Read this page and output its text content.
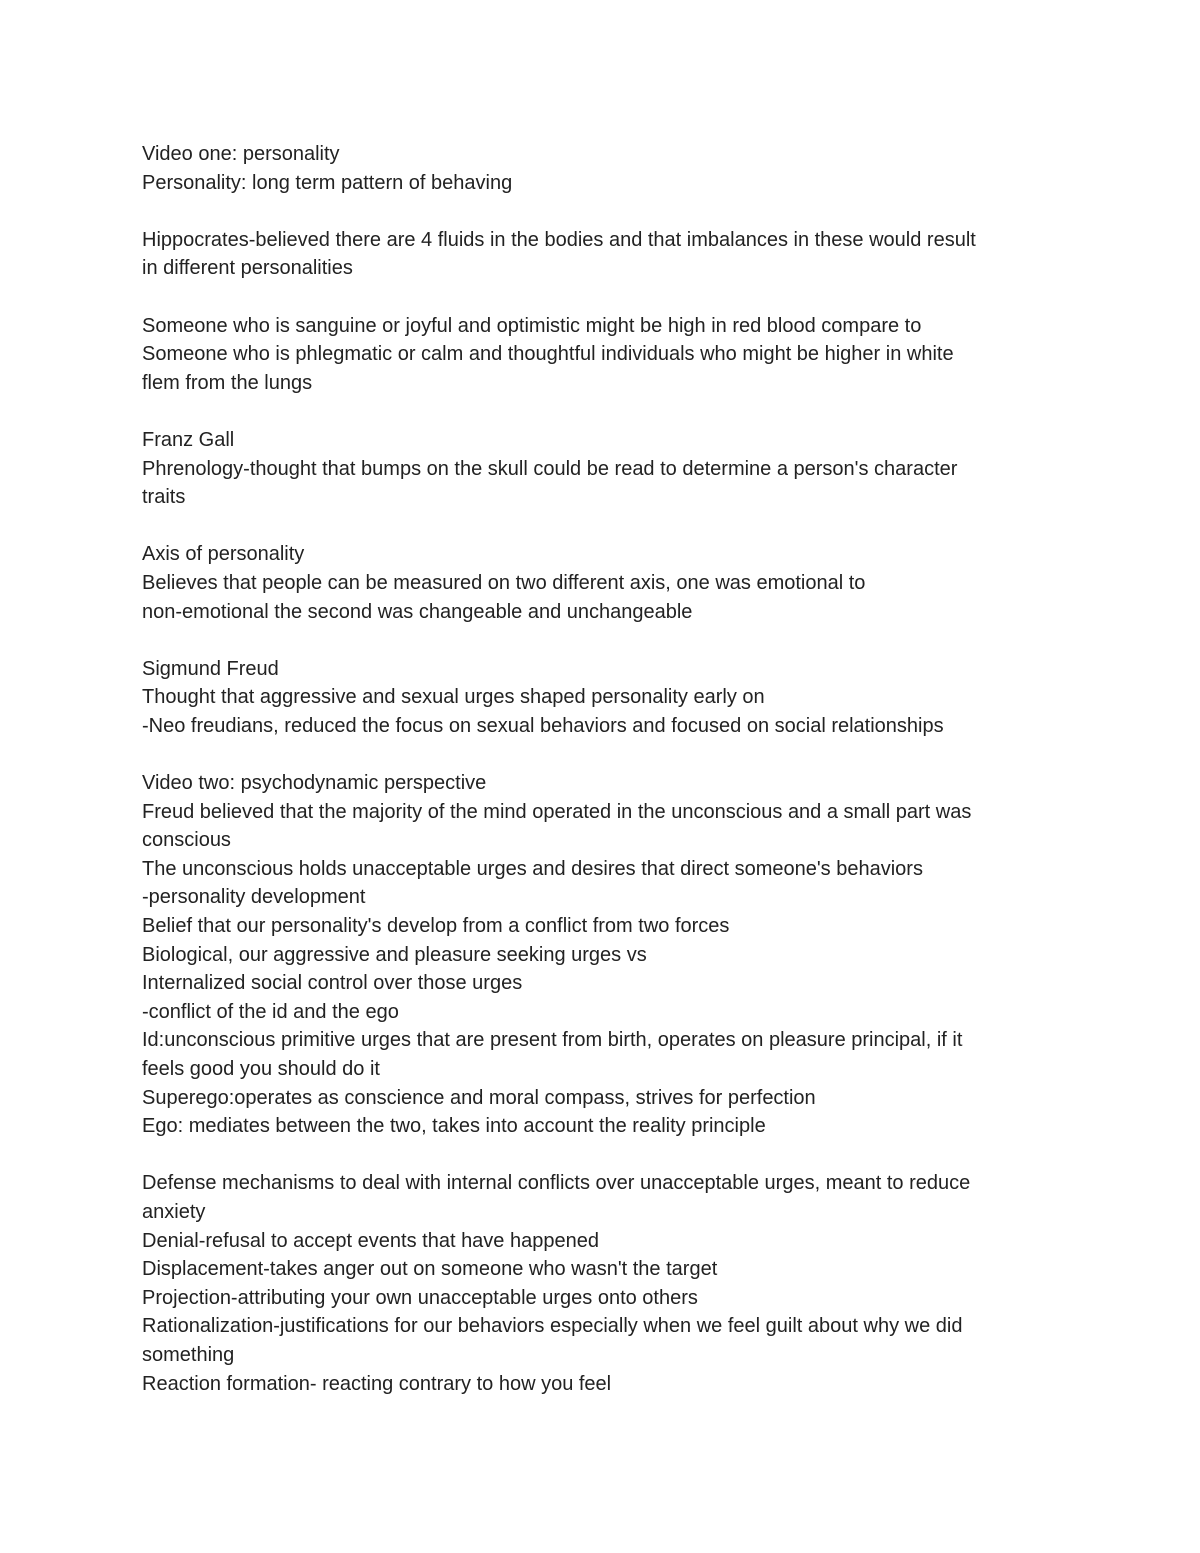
Video one: personality

Personality: long term pattern of behaving

Hippocrates-believed there are 4 fluids in the bodies and that imbalances in these would result

in different personalities

Someone who is sanguine or joyful and optimistic might be high in red blood compare to

Someone who is phlegmatic or calm and thoughtful individuals who might be higher in white

flem from the lungs

Franz Gall

Phrenology-thought that bumps on the skull could be read to determine a person's character

traits

Axis of personality

Believes that people can be measured on two different axis, one was emotional to

non-emotional the second was changeable and unchangeable

Sigmund Freud

Thought that aggressive and sexual urges shaped personality early on

-Neo freudians, reduced the focus on sexual behaviors and focused on social relationships

Video two: psychodynamic perspective

Freud believed that the majority of the mind operated in the unconscious and a small part was

conscious

The unconscious holds unacceptable urges and desires that direct someone's behaviors

-personality development

Belief that our personality's develop from a conflict from two forces

Biological, our aggressive and pleasure seeking urges vs

Internalized social control over those urges

-conflict of the id and the ego

Id:unconscious primitive urges that are present from birth, operates on pleasure principal, if it

feels good you should do it

Superego:operates as conscience and moral compass, strives for perfection

Ego: mediates between the two, takes into account the reality principle

Defense mechanisms to deal with internal conflicts over unacceptable urges, meant to reduce

anxiety

Denial-refusal to accept events that have happened

Displacement-takes anger out on someone who wasn't the target

Projection-attributing your own unacceptable urges onto others

Rationalization-justifications for our behaviors especially when we feel guilt about why we did

something

Reaction formation- reacting contrary to how you feel
